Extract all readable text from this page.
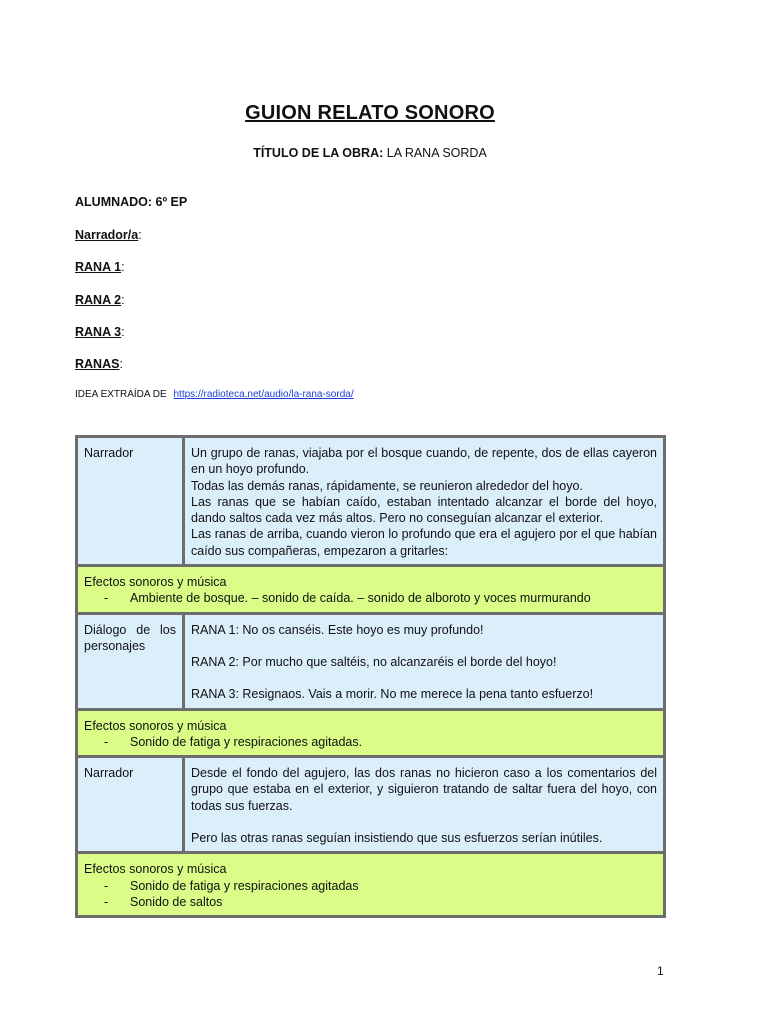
GUION RELATO SONORO
TÍTULO DE LA OBRA: LA RANA SORDA
ALUMNADO: 6º EP
Narrador/a:
RANA 1:
RANA 2:
RANA 3:
RANAS:
IDEA EXTRAÍDA DE https://radioteca.net/audio/la-rana-sorda/
Narrador	Un grupo de ranas, viajaba por el bosque cuando, de repente, dos de ellas cayeron en un hoyo profundo.

Todas las demás ranas, rápidamente, se reunieron alrededor del hoyo.

Las ranas que se habían caído, estaban intentado alcanzar el borde del hoyo, dando saltos cada vez más altos. Pero no conseguían alcanzar el exterior.

Las ranas de arriba, cuando vieron lo profundo que era el agujero por el que habían caído sus compañeras, empezaron a gritarles:

Efectos sonoros y música
- Ambiente de bosque. – sonido de caída. – sonido de alboroto y voces murmurando	

Diálogo de los personajes	RANA 1: No os canséis. Este hoyo es muy profundo!

RANA 2: Por mucho que saltéis, no alcanzaréis el borde del hoyo!

RANA 3: Resignaos. Vais a morir. No me merece la pena tanto esfuerzo!

Efectos sonoros y música
- Sonido de fatiga y respiraciones agitadas.	

Narrador	Desde el fondo del agujero, las dos ranas no hicieron caso a los comentarios del grupo que estaba en el exterior, y siguieron tratando de saltar fuera del hoyo, con todas sus fuerzas.

Pero las otras ranas seguían insistiendo que sus esfuerzos serían inútiles.

Efectos sonoros y música
- Sonido de fatiga y respiraciones agitadas
- Sonido de saltos	
1
